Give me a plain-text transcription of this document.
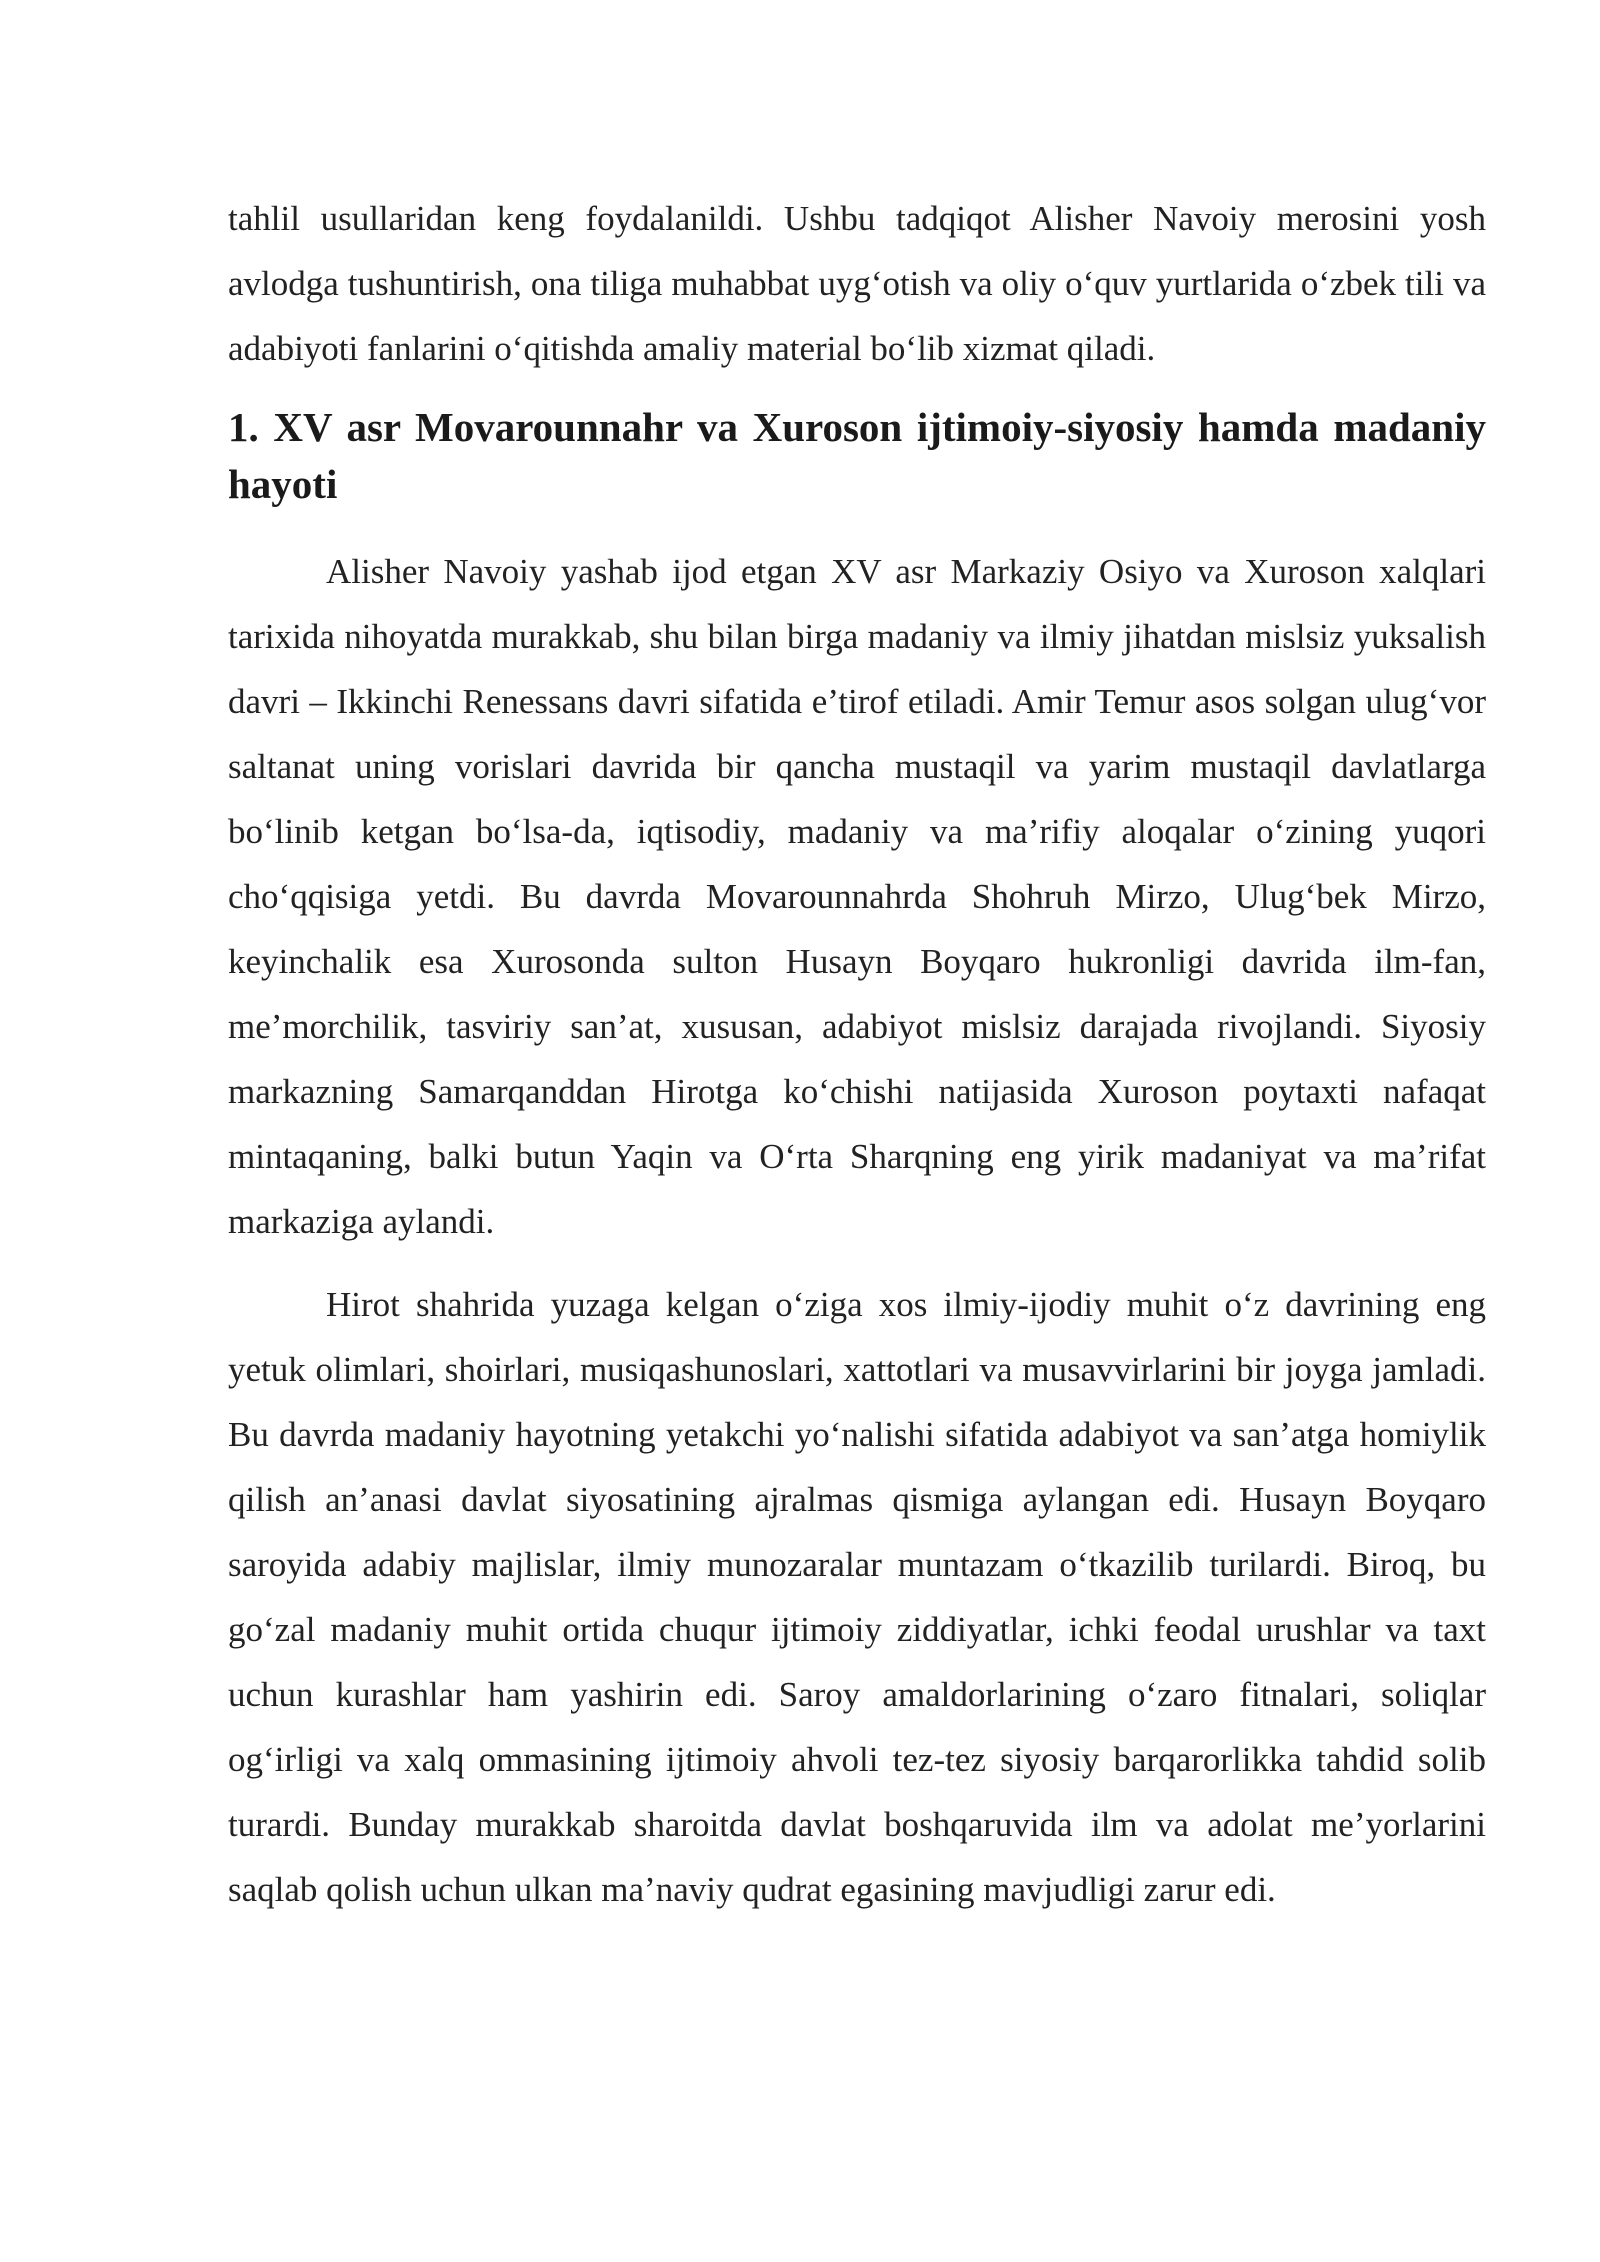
tahlil usullaridan keng foydalanildi. Ushbu tadqiqot Alisher Navoiy merosini yosh avlodga tushuntirish, ona tiliga muhabbat uyg‘otish va oliy o‘quv yurtlarida o‘zbek tili va adabiyoti fanlarini o‘qitishda amaliy material bo‘lib xizmat qiladi.

1. XV asr Movarounnahr va Xuroson ijtimoiy-siyosiy hamda madaniy hayoti

Alisher Navoiy yashab ijod etgan XV asr Markaziy Osiyo va Xuroson xalqlari tarixida nihoyatda murakkab, shu bilan birga madaniy va ilmiy jihatdan mislsiz yuksalish davri – Ikkinchi Renessans davri sifatida e’tirof etiladi. Amir Temur asos solgan ulug‘vor saltanat uning vorislari davrida bir qancha mustaqil va yarim mustaqil davlatlarga bo‘linib ketgan bo‘lsa-da, iqtisodiy, madaniy va ma’rifiy aloqalar o‘zining yuqori cho‘qqisiga yetdi. Bu davrda Movarounnahrda Shohruh Mirzo, Ulug‘bek Mirzo, keyinchalik esa Xurosonda sulton Husayn Boyqaro hukronligi davrida ilm-fan, me’morchilik, tasviriy san’at, xususan, adabiyot mislsiz darajada rivojlandi. Siyosiy markazning Samarqanddan Hirotga ko‘chishi natijasida Xuroson poytaxti nafaqat mintaqaning, balki butun Yaqin va O‘rta Sharqning eng yirik madaniyat va ma’rifat markaziga aylandi.

Hirot shahrida yuzaga kelgan o‘ziga xos ilmiy-ijodiy muhit o‘z davrining eng yetuk olimlari, shoirlari, musiqashunoslari, xattotlari va musavvirlarini bir joyga jamladi. Bu davrda madaniy hayotning yetakchi yo‘nalishi sifatida adabiyot va san’atga homiylik qilish an’anasi davlat siyosatining ajralmas qismiga aylangan edi. Husayn Boyqaro saroyida adabiy majlislar, ilmiy munozaralar muntazam o‘tkazilib turilardi. Biroq, bu go‘zal madaniy muhit ortida chuqur ijtimoiy ziddiyatlar, ichki feodal urushlar va taxt uchun kurashlar ham yashirin edi. Saroy amaldorlarining o‘zaro fitnalari, soliqlar og‘irligi va xalq ommasining ijtimoiy ahvoli tez-tez siyosiy barqarorlikka tahdid solib turardi. Bunday murakkab sharoitda davlat boshqaruvida ilm va adolat me’yorlarini saqlab qolish uchun ulkan ma’naviy qudrat egasining mavjudligi zarur edi.
